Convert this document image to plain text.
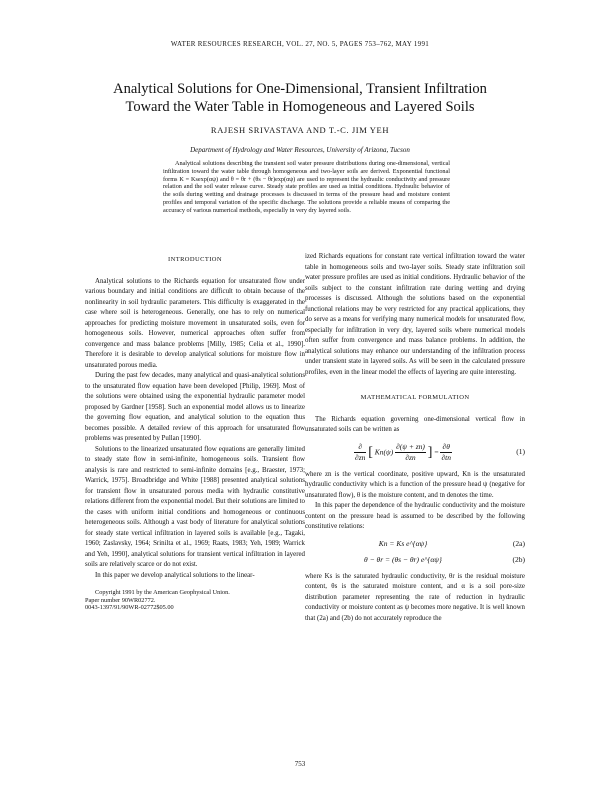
WATER RESOURCES RESEARCH, VOL. 27, NO. 5, PAGES 753–762, MAY 1991
Analytical Solutions for One-Dimensional, Transient Infiltration
Toward the Water Table in Homogeneous and Layered Soils
RAJESH SRIVASTAVA AND T.-C. JIM YEH
Department of Hydrology and Water Resources, University of Arizona, Tucson
Analytical solutions describing the transient soil water pressure distributions during one-dimensional, vertical infiltration toward the water table through homogeneous and two-layer soils are derived. Exponential functional forms K = Ksexp(αψ) and θ = θr + (θs − θr)exp(αψ) are used to represent the hydraulic conductivity and pressure relation and the soil water release curve. Steady state profiles are used as initial conditions. Hydraulic behavior of the soils during wetting and drainage processes is discussed in terms of the pressure head and moisture content profiles and temporal variation of the specific discharge. The solutions provide a reliable means of comparing the accuracy of various numerical methods, especially in very dry layered soils.
INTRODUCTION

Analytical solutions to the Richards equation for unsaturated flow under various boundary and initial conditions are difficult to obtain because of the nonlinearity in soil hydraulic parameters. This difficulty is exaggerated in the case where soil is heterogeneous. Generally, one has to rely on numerical approaches for predicting moisture movement in unsaturated soils, even for homogeneous soils. However, numerical approaches often suffer from convergence and mass balance problems [Milly, 1985; Celia et al., 1990]. Therefore it is desirable to develop analytical solutions for moisture flow in unsaturated porous media.

During the past few decades, many analytical and quasi-analytical solutions to the unsaturated flow equation have been developed [Philip, 1969]. Most of the solutions were obtained using the exponential hydraulic parameter model proposed by Gardner [1958]. Such an exponential model allows us to linearize the governing flow equation, and analytical solution to the equation thus becomes possible. A detailed review of this approach for unsaturated flow problems was presented by Pullan [1990].

Solutions to the linearized unsaturated flow equations are generally limited to steady state flow in semi-infinite, homogeneous soils. Transient flow analysis is rare and restricted to semi-infinite domains [e.g., Braester, 1973; Warrick, 1975]. Broadbridge and White [1988] presented analytical solutions for transient flow in unsaturated porous media with hydraulic constitutive relations different from the exponential model. But their solutions are limited to the cases with uniform initial conditions and homogeneous or continuous heterogeneous soils. Although a vast body of literature for analytical solutions for steady state vertical infiltration in layered soils is available [e.g., Tagaki, 1960; Zaslavsky, 1964; Srinilta et al., 1969; Raats, 1983; Yeh, 1989; Warrick and Yeh, 1990], analytical solutions for transient vertical infiltration in layered soils are relatively scarce or do not exist.

In this paper we develop analytical solutions to the linear-

Copyright 1991 by the American Geophysical Union.
Paper number 90WR02772.
0043-1397/91/90WR-02772$05.00

ized Richards equations for constant rate vertical infiltration toward the water table in homogeneous soils and two-layer soils. Steady state infiltration soil water pressure profiles are used as initial conditions. Hydraulic behavior of the soils subject to the constant infiltration rate during wetting and drying processes is discussed. Although the solutions based on the exponential functional relations may be very restricted for any practical applications, they do serve as a means for verifying many numerical models for unsaturated flow, especially for infiltration in very dry, layered soils where numerical models often suffer from convergence and mass balance problems. In addition, the analytical solutions may enhance our understanding of the infiltration process under transient state in layered soils. As will be seen in the calculated pressure profiles, even in the linear model the effects of layering are quite interesting.

MATHEMATICAL FORMULATION

The Richards equation governing one-dimensional vertical flow in unsaturated soils can be written as

$\frac{\partial}{\partial zn}$ [ $Kn(\psi) \frac{\partial(\psi + zn)}{\partial zn}$ ] = $\frac{\partial\theta}{\partial tn}$	(1)

where zn is the vertical coordinate, positive upward, Kn is the unsaturated hydraulic conductivity which is a function of the pressure head ψ (negative for unsaturated flow), θ is the moisture content, and tn denotes the time.

In this paper the dependence of the hydraulic conductivity and the moisture content on the pressure head is assumed to be described by the following constitutive relations:

Kn = Ks e^{αψ}	(2a)
θ − θr = (θs − θr) e^{αψ}	(2b)

where Ks is the saturated hydraulic conductivity, θr is the residual moisture content, θs is the saturated moisture content, and α is a soil pore-size distribution parameter representing the rate of reduction in hydraulic conductivity or moisture content as ψ becomes more negative. It is well known that (2a) and (2b) do not accurately reproduce the

753
